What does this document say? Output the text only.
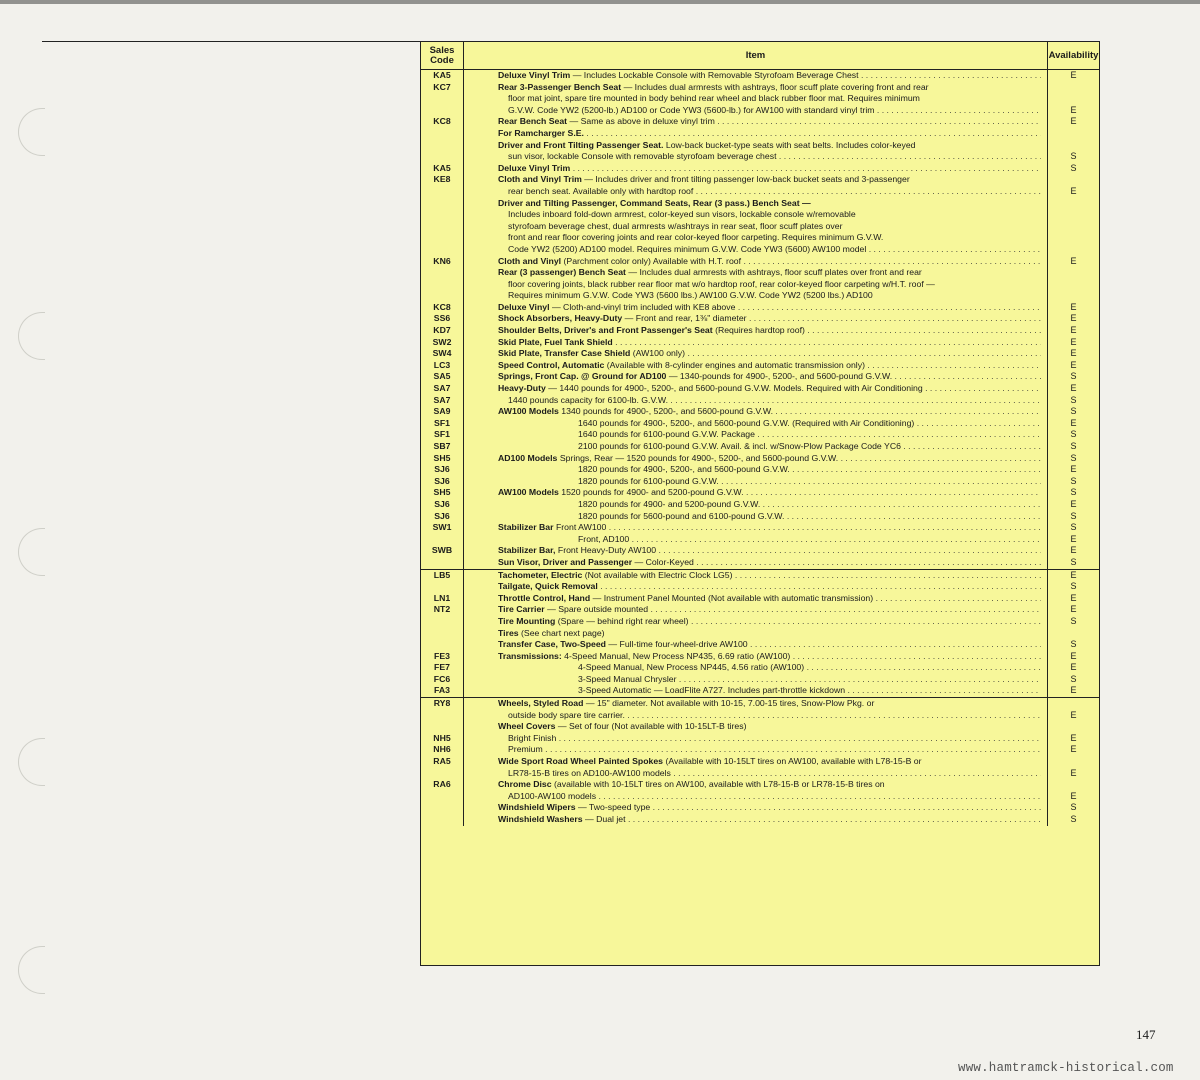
Sales Code	Item	Availability
KA5
KC7
KC8
KA5
KE8
KN6
KC8
SS6
KD7
SW2
SW4
LC3
SA5
SA7
SA7
SA9
SF1
SF1
SB7
SH5
SJ6
SJ6
SH5
SJ6
SJ6
SW1
SWB
Deluxe Vinyl Trim — Includes Lockable Console with Removable Styrofoam Beverage Chest . . .
Rear 3-Passenger Bench Seat — Includes dual armrests with ashtrays, floor scuff plate covering front and rear
floor mat joint, spare tire mounted in body behind rear wheel and black rubber floor mat. Requires minimum
G.V.W. Code YW2 (5200-lb.) AD100 or Code YW3 (5600-lb.) for AW100 with standard vinyl trim . . .
Rear Bench Seat — Same as above in deluxe vinyl trim . . .
For Ramcharger S.E. . . .
Driver and Front Tilting Passenger Seat. Low-back bucket-type seats with seat belts. Includes color-keyed
sun visor, lockable Console with removable styrofoam beverage chest . . .
Deluxe Vinyl Trim . . .
Cloth and Vinyl Trim — Includes driver and front tilting passenger low-back bucket seats and 3-passenger
rear bench seat. Available only with hardtop roof . . .
Driver and Tilting Passenger, Command Seats, Rear (3 pass.) Bench Seat —
Includes inboard fold-down armrest, color-keyed sun visors, lockable console w/removable
styrofoam beverage chest, dual armrests w/ashtrays in rear seat, floor scuff plates over
front and rear floor covering joints and rear color-keyed floor carpeting. Requires minimum G.V.W.
Code YW2 (5200) AD100 model. Requires minimum G.V.W. Code YW3 (5600) AW100 model . . .
Cloth and Vinyl (Parchment color only) Available with H.T. roof . . .
Rear (3 passenger) Bench Seat — Includes dual armrests with ashtrays, floor scuff plates over front and rear
floor covering joints, black rubber rear floor mat w/o hardtop roof, rear color-keyed floor carpeting w/H.T. roof —
Requires minimum G.V.W. Code YW3 (5600 lbs.) AW100 G.V.W. Code YW2 (5200 lbs.) AD100
Deluxe Vinyl — Cloth-and-vinyl trim included with KE8 above . . .
Shock Absorbers, Heavy-Duty — Front and rear, 1⅜" diameter . . .
Shoulder Belts, Driver's and Front Passenger's Seat (Requires hardtop roof) . . .
Skid Plate, Fuel Tank Shield . . .
Skid Plate, Transfer Case Shield (AW100 only) . . .
Speed Control, Automatic (Available with 8-cylinder engines and automatic transmission only) . . .
Springs, Front Cap. @ Ground for AD100 — 1340-pounds for 4900-, 5200-, and 5600-pound G.V.W. . . .
Heavy-Duty — 1440 pounds for 4900-, 5200-, and 5600-pound G.V.W. Models. Required with Air Conditioning . . .
1440 pounds capacity for 6100-lb. G.V.W. . . .
AW100 Models 1340 pounds for 4900-, 5200-, and 5600-pound G.V.W. . . .
1640 pounds for 4900-, 5200-, and 5600-pound G.V.W. (Required with Air Conditioning) . . .
1640 pounds for 6100-pound G.V.W. Package . . .
2100 pounds for 6100-pound G.V.W. Avail. & incl. w/Snow-Plow Package Code YC6 . . .
AD100 Models Springs, Rear — 1520 pounds for 4900-, 5200-, and 5600-pound G.V.W. . . .
1820 pounds for 4900-, 5200-, and 5600-pound G.V.W. . . .
1820 pounds for 6100-pound G.V.W. . . .
AW100 Models 1520 pounds for 4900- and 5200-pound G.V.W. . . .
1820 pounds for 4900- and 5200-pound G.V.W. . . .
1820 pounds for 5600-pound and 6100-pound G.V.W. . . .
Stabilizer Bar Front AW100 . . .
Front, AD100 . . .
Stabilizer Bar, Front Heavy-Duty AW100 . . .
Sun Visor, Driver and Passenger — Color-Keyed . . .
E
E
E
S
S
E
E
E
E
E
E
E
E
S
E
S
S
E
S
S
S
E
S
S
E
S
S
E
E
S
LB5
LN1
NT2
FE3
FE7
FC6
FA3
Tachometer, Electric (Not available with Electric Clock LG5) . . .
Tailgate, Quick Removal . . .
Throttle Control, Hand — Instrument Panel Mounted (Not available with automatic transmission) . . .
Tire Carrier — Spare outside mounted . . .
Tire Mounting (Spare — behind right rear wheel) . . .
Tires (See chart next page)
Transfer Case, Two-Speed — Full-time four-wheel-drive AW100 . . .
Transmissions: 4-Speed Manual, New Process NP435, 6.69 ratio (AW100) . . .
4-Speed Manual, New Process NP445, 4.56 ratio (AW100) . . .
3-Speed Manual Chrysler . . .
3-Speed Automatic — LoadFlite A727. Includes part-throttle kickdown . . .
E
S
E
E
S
S
E
E
S
E
RY8
NH5
NH6
RA5
RA6
Wheels, Styled Road — 15" diameter. Not available with 10-15, 7.00-15 tires, Snow-Plow Pkg. or
outside body spare tire carrier. . . .
Wheel Covers — Set of four (Not available with 10-15LT-B tires)
Bright Finish . . .
Premium . . .
Wide Sport Road Wheel Painted Spokes (Available with 10-15LT tires on AW100, available with L78-15-B or
LR78-15-B tires on AD100-AW100 models . . .
Chrome Disc (available with 10-15LT tires on AW100, available with L78-15-B or LR78-15-B tires on
AD100-AW100 models . . .
Windshield Wipers — Two-speed type . . .
Windshield Washers — Dual jet . . .
E
E
E
E
E
S
S
147
www.hamtramck-historical.com
